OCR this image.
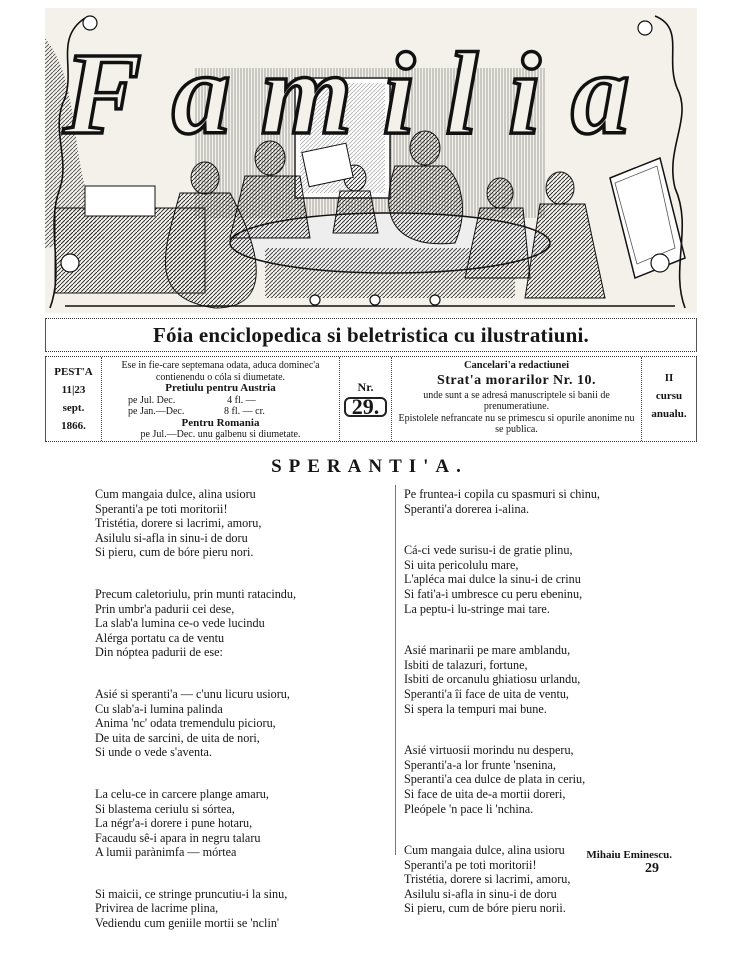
Familia
Fóia enciclopedica si beletristica cu ilustratiuni.
PEST'A
11|23
sept.
1866.
Ese in fie-care septemana odata, aduca dominec'a contienendu o cóla si diumetate.
Pretiulu pentru Austria
pe Jul. Dec.	4 fl. —
pe Jan.—Dec.	8 fl. — cr.
Pentru Romania
pe Jul.—Dec. unu galbenu si diumetate.
Nr.
29.
Cancelari'a redactiunei
Strat'a morarilor Nr. 10.
unde sunt a se adresá manuscriptele si banii de prenumeratiune.
Epistolele nefrancate nu se primescu si opurile anonime nu se publica.
II
cursu
anualu.
SPERANTI'A.
Cum mangaia dulce, alina usioru
Speranti'a pe toti moritorii!
Tristétia, dorere si lacrimi, amoru,
Asilulu si-afla in sinu-i de doru
Si pieru, cum de bóre pieru nori.
Precum caletoriulu, prin munti ratacindu,
Prin umbr'a padurii cei dese,
La slab'a lumina ce-o vede lucindu
Alérga portatu ca de ventu
Din nóptea padurii de ese:
Asié si speranti'a — c'unu licuru usioru,
Cu slab'a-i lumina palinda
Anima 'nc' odata tremendulu picioru,
De uita de sarcini, de uita de nori,
Si unde o vede s'aventa.
La celu-ce in carcere plange amaru,
Si blastema ceriulu si sórtea,
La négr'a-i dorere i pune hotaru,
Facaudu sê-i apara in negru talaru
A lumii parànimfa — mórtea
Si maicii, ce stringe pruncutiu-i la sinu,
Privirea de lacrime plina,
Vediendu cum geniile mortii se 'nclin'
Pe fruntea-i copila cu spasmuri si chinu,
Speranti'a dorerea i-alina.
Cá-ci vede surisu-i de gratie plinu,
Si uita pericolulu mare,
L'apléca mai dulce la sinu-i de crinu
Si fati'a-i umbresce cu peru ebeninu,
La peptu-i lu-stringe mai tare.
Asié marinarii pe mare amblandu,
Isbiti de talazuri, fortune,
Isbiti de orcanulu ghiatiosu urlandu,
Speranti'a îi face de uita de ventu,
Si spera la tempuri mai bune.
Asié virtuosii morindu nu desperu,
Speranti'a-a lor frunte 'nsenina,
Speranti'a cea dulce de plata in ceriu,
Si face de uita de-a mortii doreri,
Pleópele 'n pace li 'nchina.
Cum mangaia dulce, alina usioru
Speranti'a pe toti moritorii!
Tristétia, dorere si lacrimi, amoru,
Asilulu si-afla in sinu-i de doru
Si pieru, cum de bóre pieru norii.
Mihaiu Eminescu.
29
